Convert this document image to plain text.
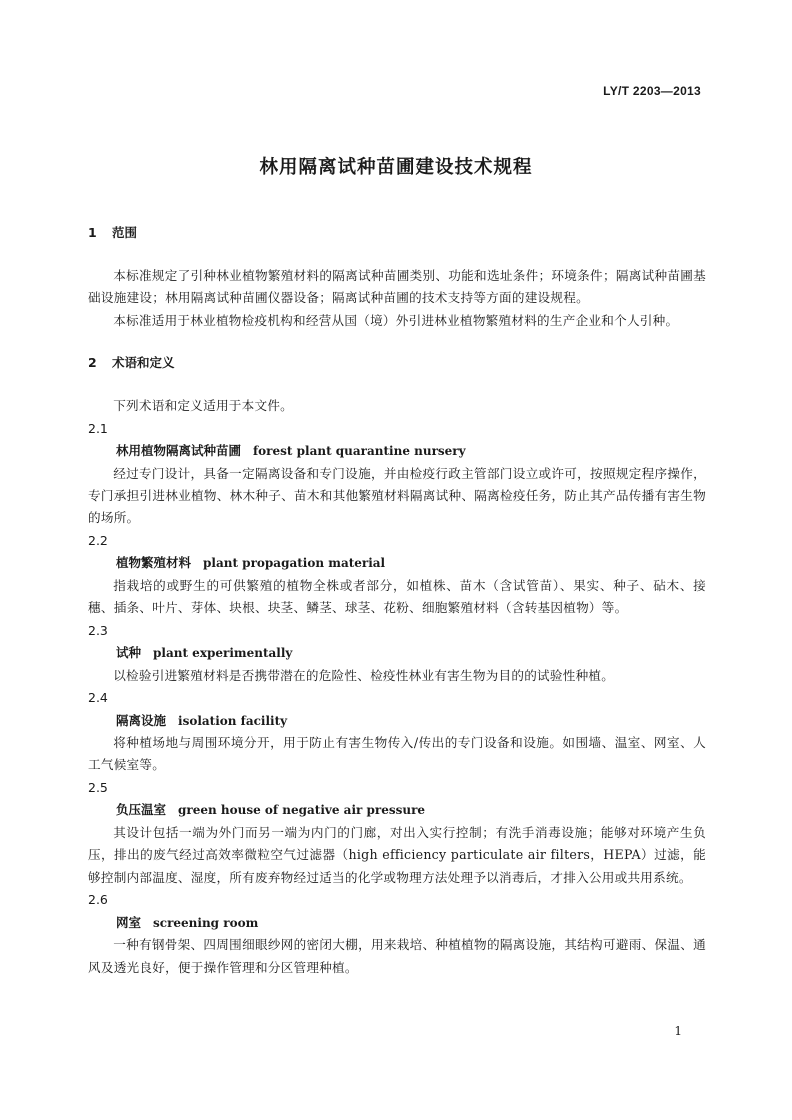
LY/T 2203—2013
林用隔离试种苗圃建设技术规程
1 范围

本标准规定了引种林业植物繁殖材料的隔离试种苗圃类别、功能和选址条件；环境条件；隔离试种苗圃基础设施建设；林用隔离试种苗圃仪器设备；隔离试种苗圃的技术支持等方面的建设规程。

本标准适用于林业植物检疫机构和经营从国（境）外引进林业植物繁殖材料的生产企业和个人引种。

2 术语和定义

下列术语和定义适用于本文件。

2.1
林用植物隔离试种苗圃 forest plant quarantine nursery

经过专门设计，具备一定隔离设备和专门设施，并由检疫行政主管部门设立或许可，按照规定程序操作，专门承担引进林业植物、林木种子、苗木和其他繁殖材料隔离试种、隔离检疫任务，防止其产品传播有害生物的场所。

2.2
植物繁殖材料 plant propagation material

指栽培的或野生的可供繁殖的植物全株或者部分，如植株、苗木（含试管苗）、果实、种子、砧木、接穗、插条、叶片、芽体、块根、块茎、鳞茎、球茎、花粉、细胞繁殖材料（含转基因植物）等。

2.3
试种 plant experimentally

以检验引进繁殖材料是否携带潜在的危险性、检疫性林业有害生物为目的的试验性种植。

2.4
隔离设施 isolation facility

将种植场地与周围环境分开，用于防止有害生物传入/传出的专门设备和设施。如围墙、温室、网室、人工气候室等。

2.5
负压温室 green house of negative air pressure

其设计包括一端为外门而另一端为内门的门廊，对出入实行控制；有洗手消毒设施；能够对环境产生负压，排出的废气经过高效率微粒空气过滤器（high efficiency particulate air filters，HEPA）过滤，能够控制内部温度、湿度，所有废弃物经过适当的化学或物理方法处理予以消毒后，才排入公用或共用系统。

2.6
网室 screening room

一种有钢骨架、四周围细眼纱网的密闭大棚，用来栽培、种植植物的隔离设施，其结构可避雨、保温、通风及透光良好，便于操作管理和分区管理种植。

1
